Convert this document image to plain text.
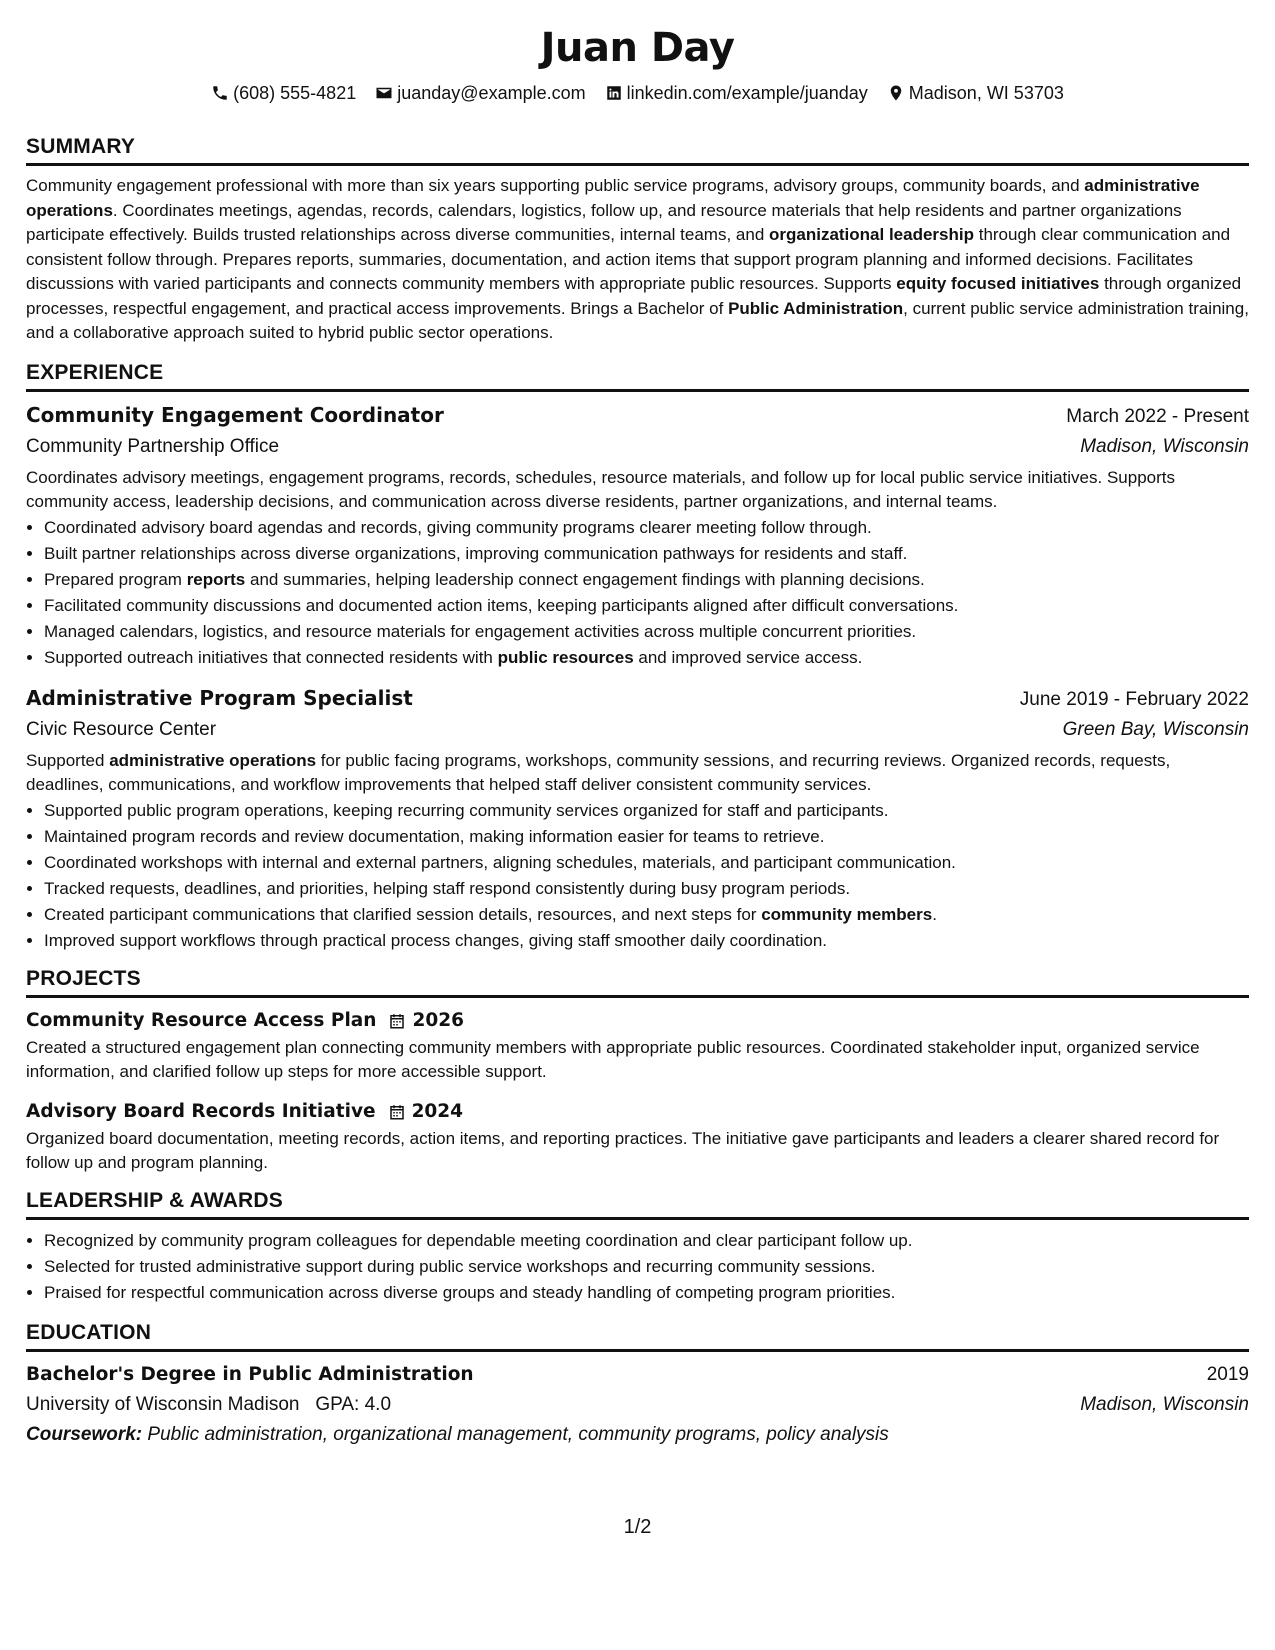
Juan Day
(608) 555-4821
juanday@example.com
linkedin.com/example/juanday
Madison, WI 53703
SUMMARY

Community engagement professional with more than six years supporting public service programs, advisory groups, community boards, and administrative operations. Coordinates meetings, agendas, records, calendars, logistics, follow up, and resource materials that help residents and partner organizations participate effectively. Builds trusted relationships across diverse communities, internal teams, and organizational leadership through clear communication and consistent follow through. Prepares reports, summaries, documentation, and action items that support program planning and informed decisions. Facilitates discussions with varied participants and connects community members with appropriate public resources. Supports equity focused initiatives through organized processes, respectful engagement, and practical access improvements. Brings a Bachelor of Public Administration, current public service administration training, and a collaborative approach suited to hybrid public sector operations.

EXPERIENCE
Community Engagement Coordinator	March 2022 - Present
Community Partnership Office	Madison, Wisconsin
Coordinates advisory meetings, engagement programs, records, schedules, resource materials, and follow up for local public service initiatives. Supports community access, leadership decisions, and communication across diverse residents, partner organizations, and internal teams.
• Coordinated advisory board agendas and records, giving community programs clearer meeting follow through.
• Built partner relationships across diverse organizations, improving communication pathways for residents and staff.
• Prepared program reports and summaries, helping leadership connect engagement findings with planning decisions.
• Facilitated community discussions and documented action items, keeping participants aligned after difficult conversations.
• Managed calendars, logistics, and resource materials for engagement activities across multiple concurrent priorities.
• Supported outreach initiatives that connected residents with public resources and improved service access.
Administrative Program Specialist	June 2019 - February 2022
Civic Resource Center	Green Bay, Wisconsin
Supported administrative operations for public facing programs, workshops, community sessions, and recurring reviews. Organized records, requests, deadlines, communications, and workflow improvements that helped staff deliver consistent community services.
• Supported public program operations, keeping recurring community services organized for staff and participants.
• Maintained program records and review documentation, making information easier for teams to retrieve.
• Coordinated workshops with internal and external partners, aligning schedules, materials, and participant communication.
• Tracked requests, deadlines, and priorities, helping staff respond consistently during busy program periods.
• Created participant communications that clarified session details, resources, and next steps for community members.
• Improved support workflows through practical process changes, giving staff smoother daily coordination.
PROJECTS
Community Resource Access Plan 2026
Created a structured engagement plan connecting community members with appropriate public resources. Coordinated stakeholder input, organized service information, and clarified follow up steps for more accessible support.
Advisory Board Records Initiative 2024
Organized board documentation, meeting records, action items, and reporting practices. The initiative gave participants and leaders a clearer shared record for follow up and program planning.
LEADERSHIP & AWARDS
• Recognized by community program colleagues for dependable meeting coordination and clear participant follow up.
• Selected for trusted administrative support during public service workshops and recurring community sessions.
• Praised for respectful communication across diverse groups and steady handling of competing program priorities.
EDUCATION
Bachelor's Degree in Public Administration	2019
University of Wisconsin Madison GPA: 4.0	Madison, Wisconsin
Coursework: Public administration, organizational management, community programs, policy analysis
1/2
